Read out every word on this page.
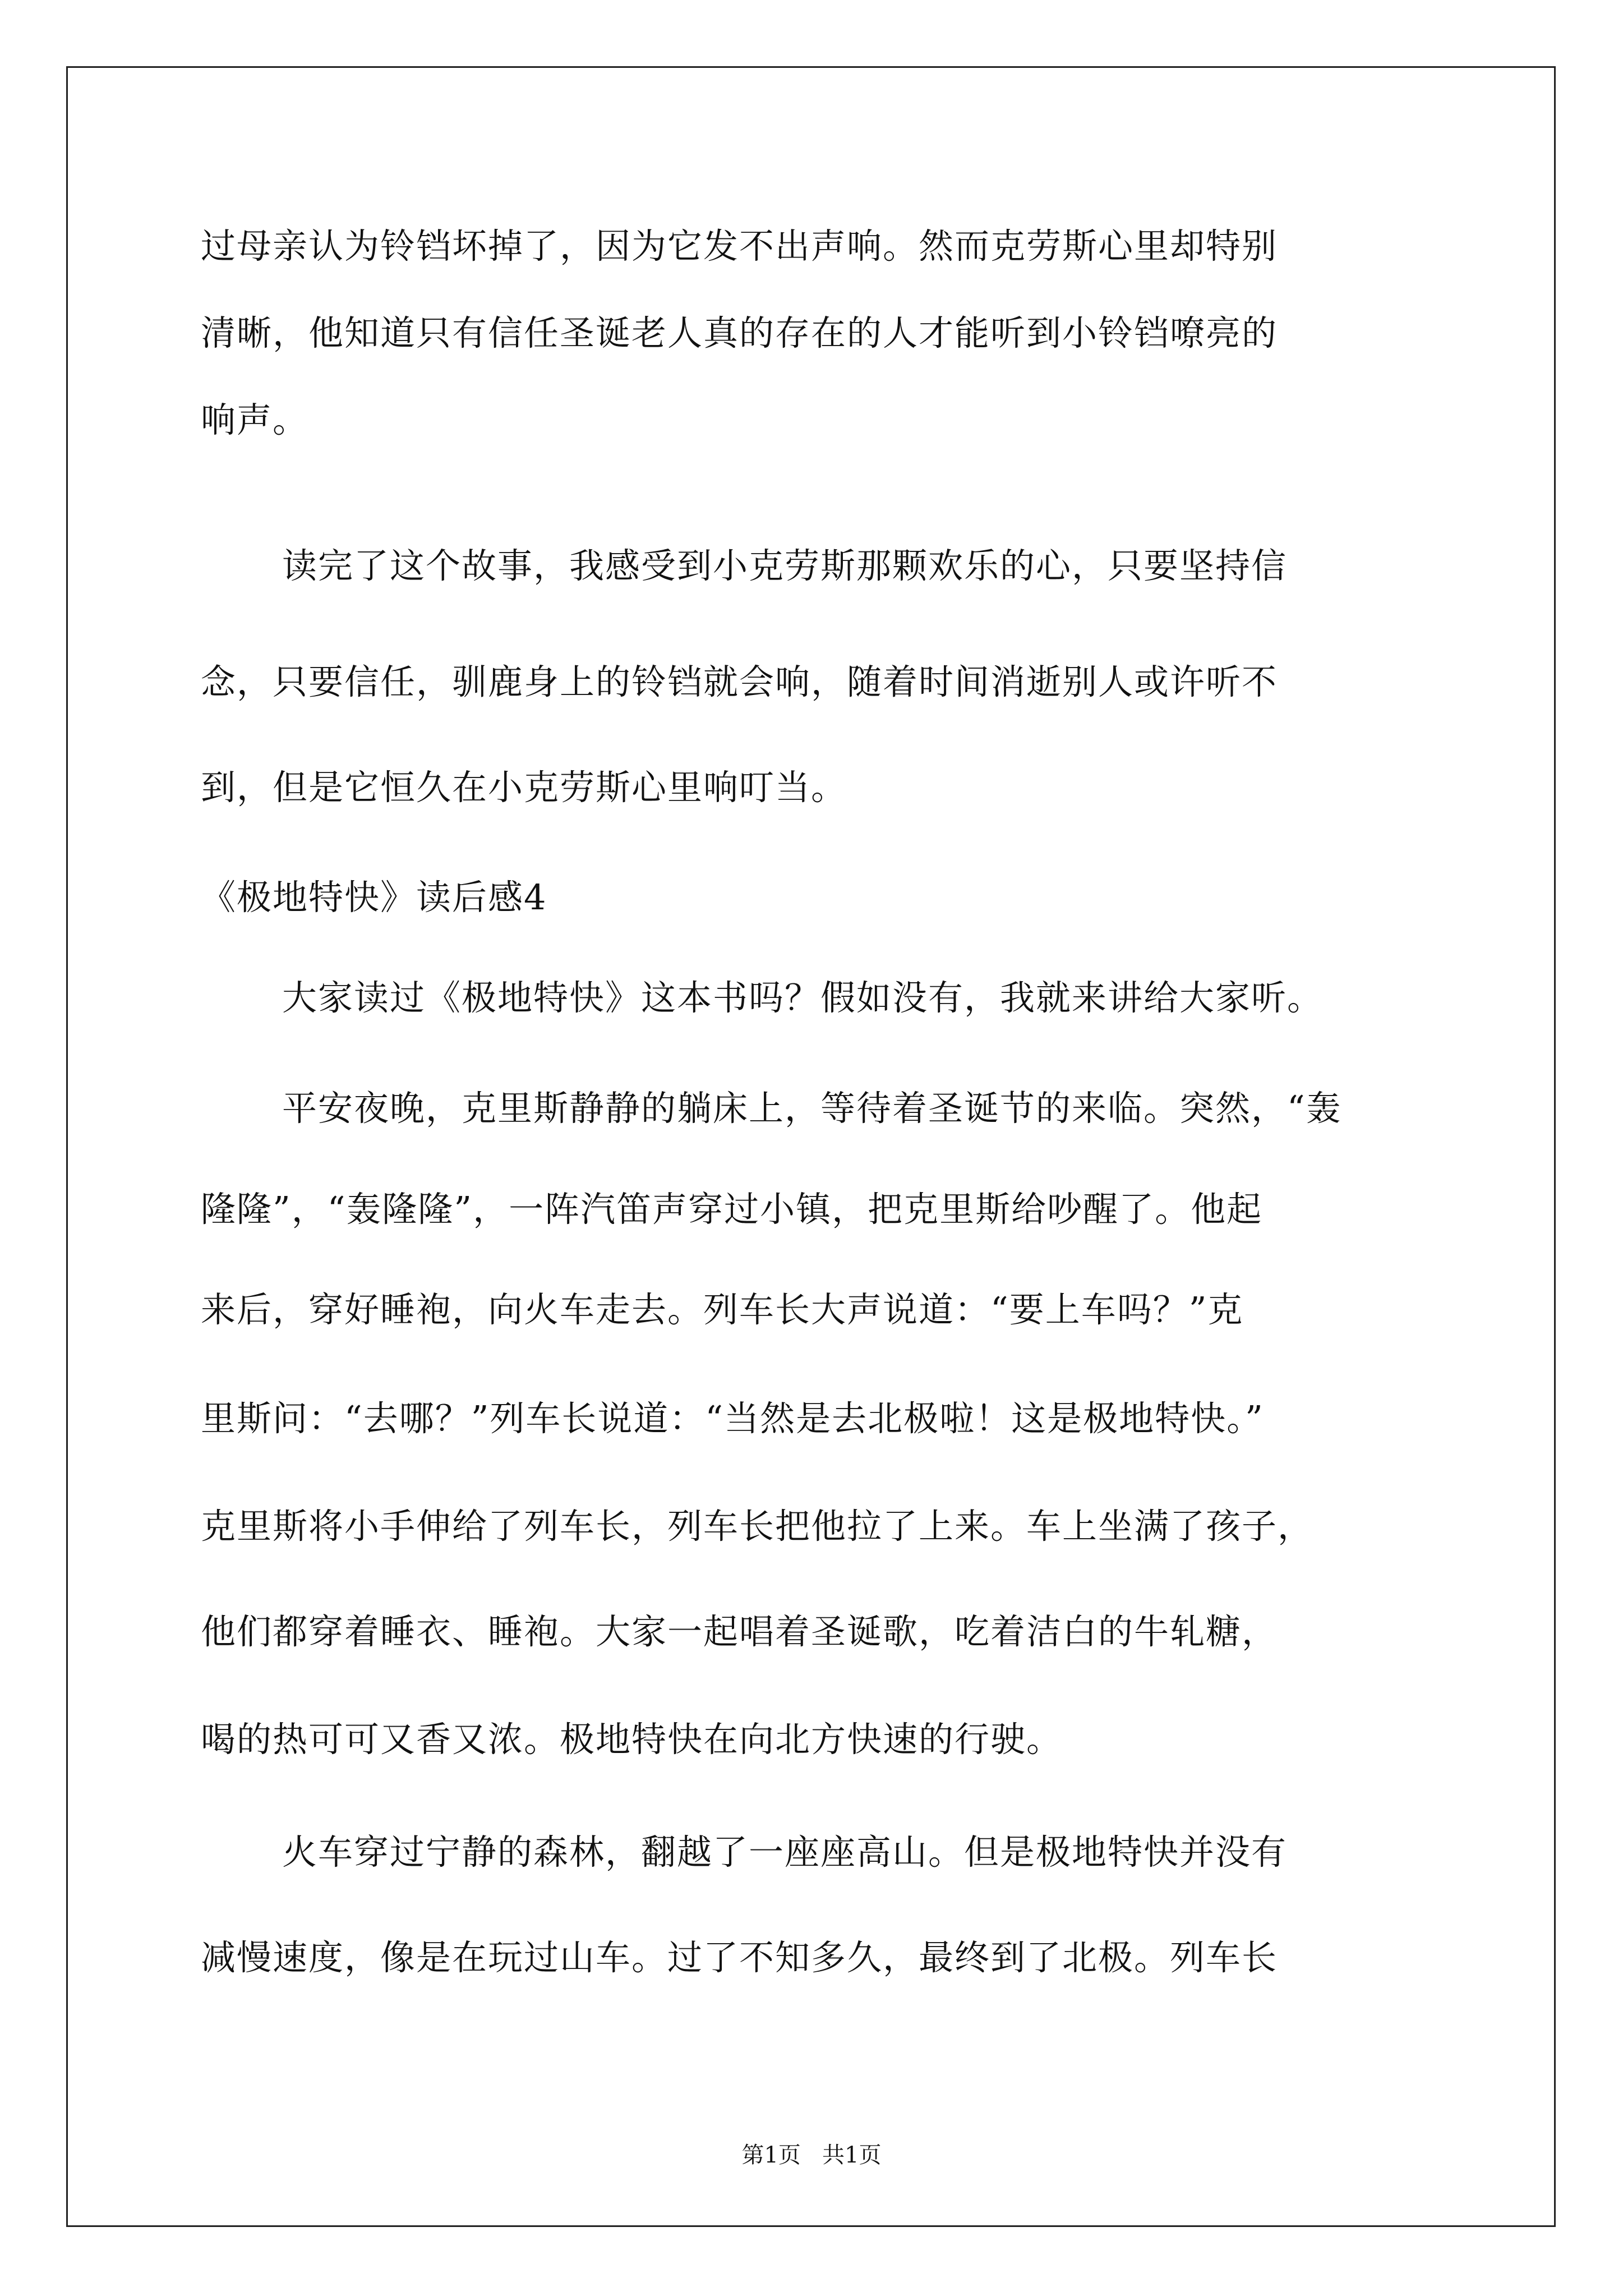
过母亲认为铃铛坏掉了，因为它发不出声响。然而克劳斯心里却特别
清晰，他知道只有信任圣诞老人真的存在的人才能听到小铃铛嘹亮的
响声。
读完了这个故事，我感受到小克劳斯那颗欢乐的心，只要坚持信
念，只要信任，驯鹿身上的铃铛就会响，随着时间消逝别人或许听不
到，但是它恒久在小克劳斯心里响叮当。
《极地特快》读后感4
大家读过《极地特快》这本书吗？假如没有，我就来讲给大家听。
平安夜晚，克里斯静静的躺床上，等待着圣诞节的来临。突然，“轰
隆隆”，“轰隆隆”，一阵汽笛声穿过小镇，把克里斯给吵醒了。他起
来后，穿好睡袍，向火车走去。列车长大声说道：“要上车吗？”克
里斯问：“去哪？”列车长说道：“当然是去北极啦！这是极地特快。”
克里斯将小手伸给了列车长，列车长把他拉了上来。车上坐满了孩子，
他们都穿着睡衣、睡袍。大家一起唱着圣诞歌，吃着洁白的牛轧糖，
喝的热可可又香又浓。极地特快在向北方快速的行驶。
火车穿过宁静的森林，翻越了一座座高山。但是极地特快并没有
减慢速度，像是在玩过山车。过了不知多久，最终到了北极。列车长
第1页   共1页
